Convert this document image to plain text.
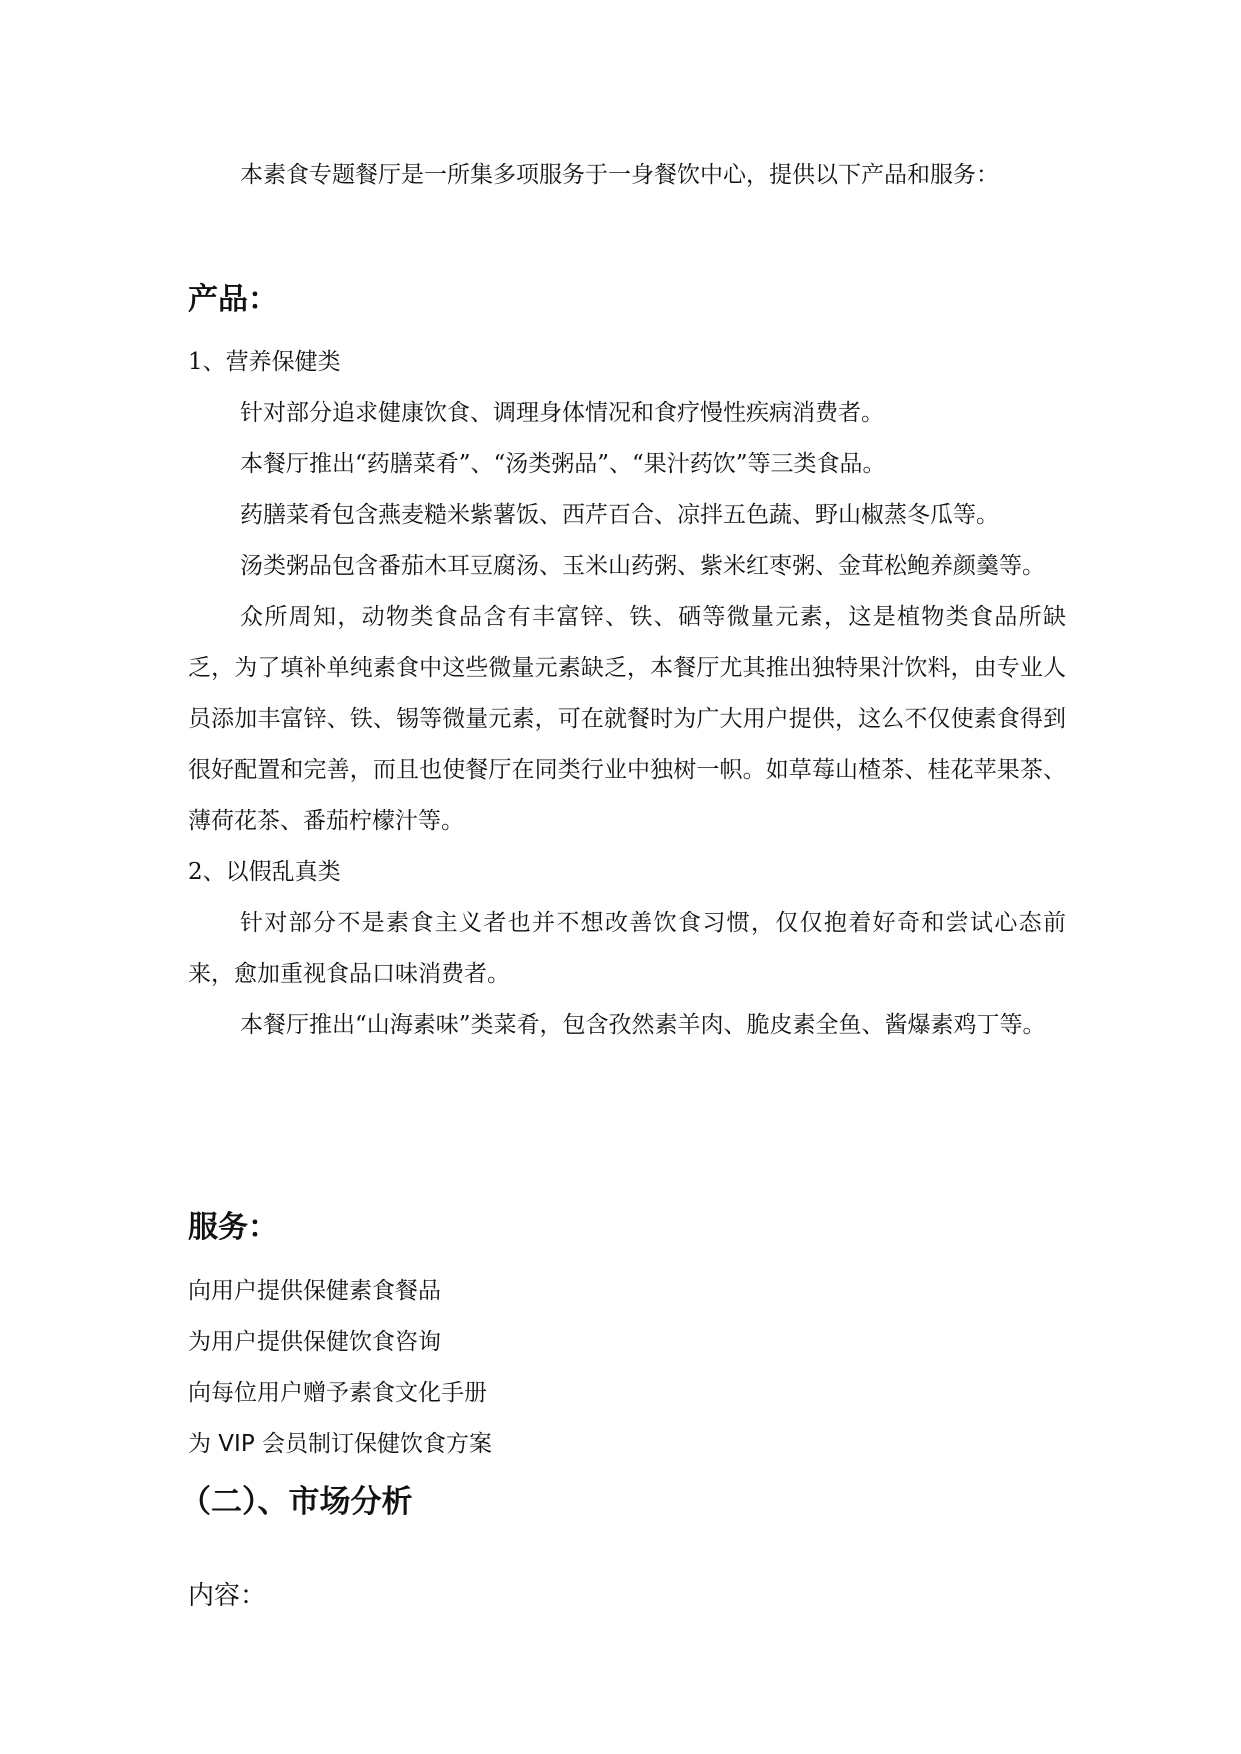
本素食专题餐厅是一所集多项服务于一身餐饮中心，提供以下产品和服务：

产品：

1、营养保健类

针对部分追求健康饮食、调理身体情况和食疗慢性疾病消费者。

本餐厅推出“药膳菜肴”、“汤类粥品”、“果汁药饮”等三类食品。

药膳菜肴包含燕麦糙米紫薯饭、西芹百合、凉拌五色蔬、野山椒蒸冬瓜等。

汤类粥品包含番茄木耳豆腐汤、玉米山药粥、紫米红枣粥、金茸松鲍养颜羹等。

众所周知，动物类食品含有丰富锌、铁、硒等微量元素，这是植物类食品所缺乏，为了填补单纯素食中这些微量元素缺乏，本餐厅尤其推出独特果汁饮料，由专业人员添加丰富锌、铁、锡等微量元素，可在就餐时为广大用户提供，这么不仅使素食得到很好配置和完善，而且也使餐厅在同类行业中独树一帜。如草莓山楂茶、桂花苹果茶、薄荷花茶、番茄柠檬汁等。

2、以假乱真类

针对部分不是素食主义者也并不想改善饮食习惯，仅仅抱着好奇和尝试心态前来，愈加重视食品口味消费者。

本餐厅推出“山海素味”类菜肴，包含孜然素羊肉、脆皮素全鱼、酱爆素鸡丁等。

服务：

向用户提供保健素食餐品

为用户提供保健饮食咨询

向每位用户赠予素食文化手册

为 VIP 会员制订保健饮食方案

（二）、市场分析

内容：
